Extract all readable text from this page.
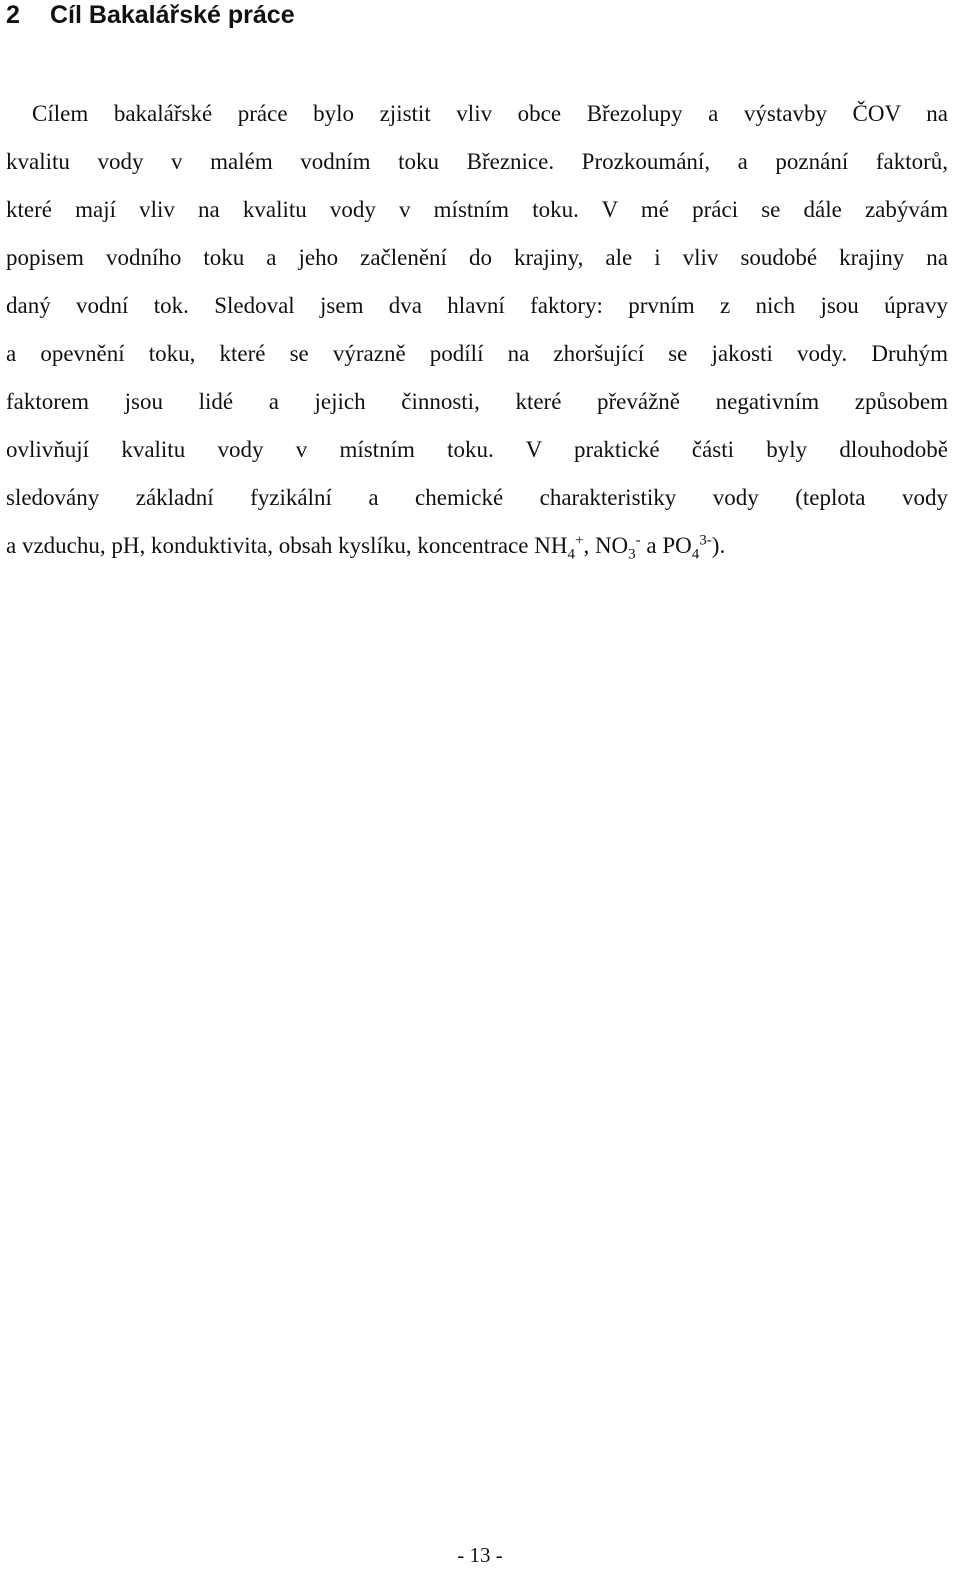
2 Cíl Bakalářské práce
Cílem bakalářské práce bylo zjistit vliv obce Březolupy a výstavby ČOV na
kvalitu vody v malém vodním toku Březnice. Prozkoumání, a poznání faktorů,
které mají vliv na kvalitu vody v místním toku. V mé práci se dále zabývám
popisem vodního toku a jeho začlenění do krajiny, ale i vliv soudobé krajiny na
daný vodní tok. Sledoval jsem dva hlavní faktory: prvním z nich jsou úpravy
a opevnění toku, které se výrazně podílí na zhoršující se jakosti vody. Druhým
faktorem jsou lidé a jejich činnosti, které převážně negativním způsobem
ovlivňují kvalitu vody v místním toku. V praktické části byly dlouhodobě
sledovány základní fyzikální a chemické charakteristiky vody (teplota vody
a vzduchu, pH, konduktivita, obsah kyslíku, koncentrace $NH_4^+$, $NO_3^-$ a $PO_4^{3-}$).
- 13 -
